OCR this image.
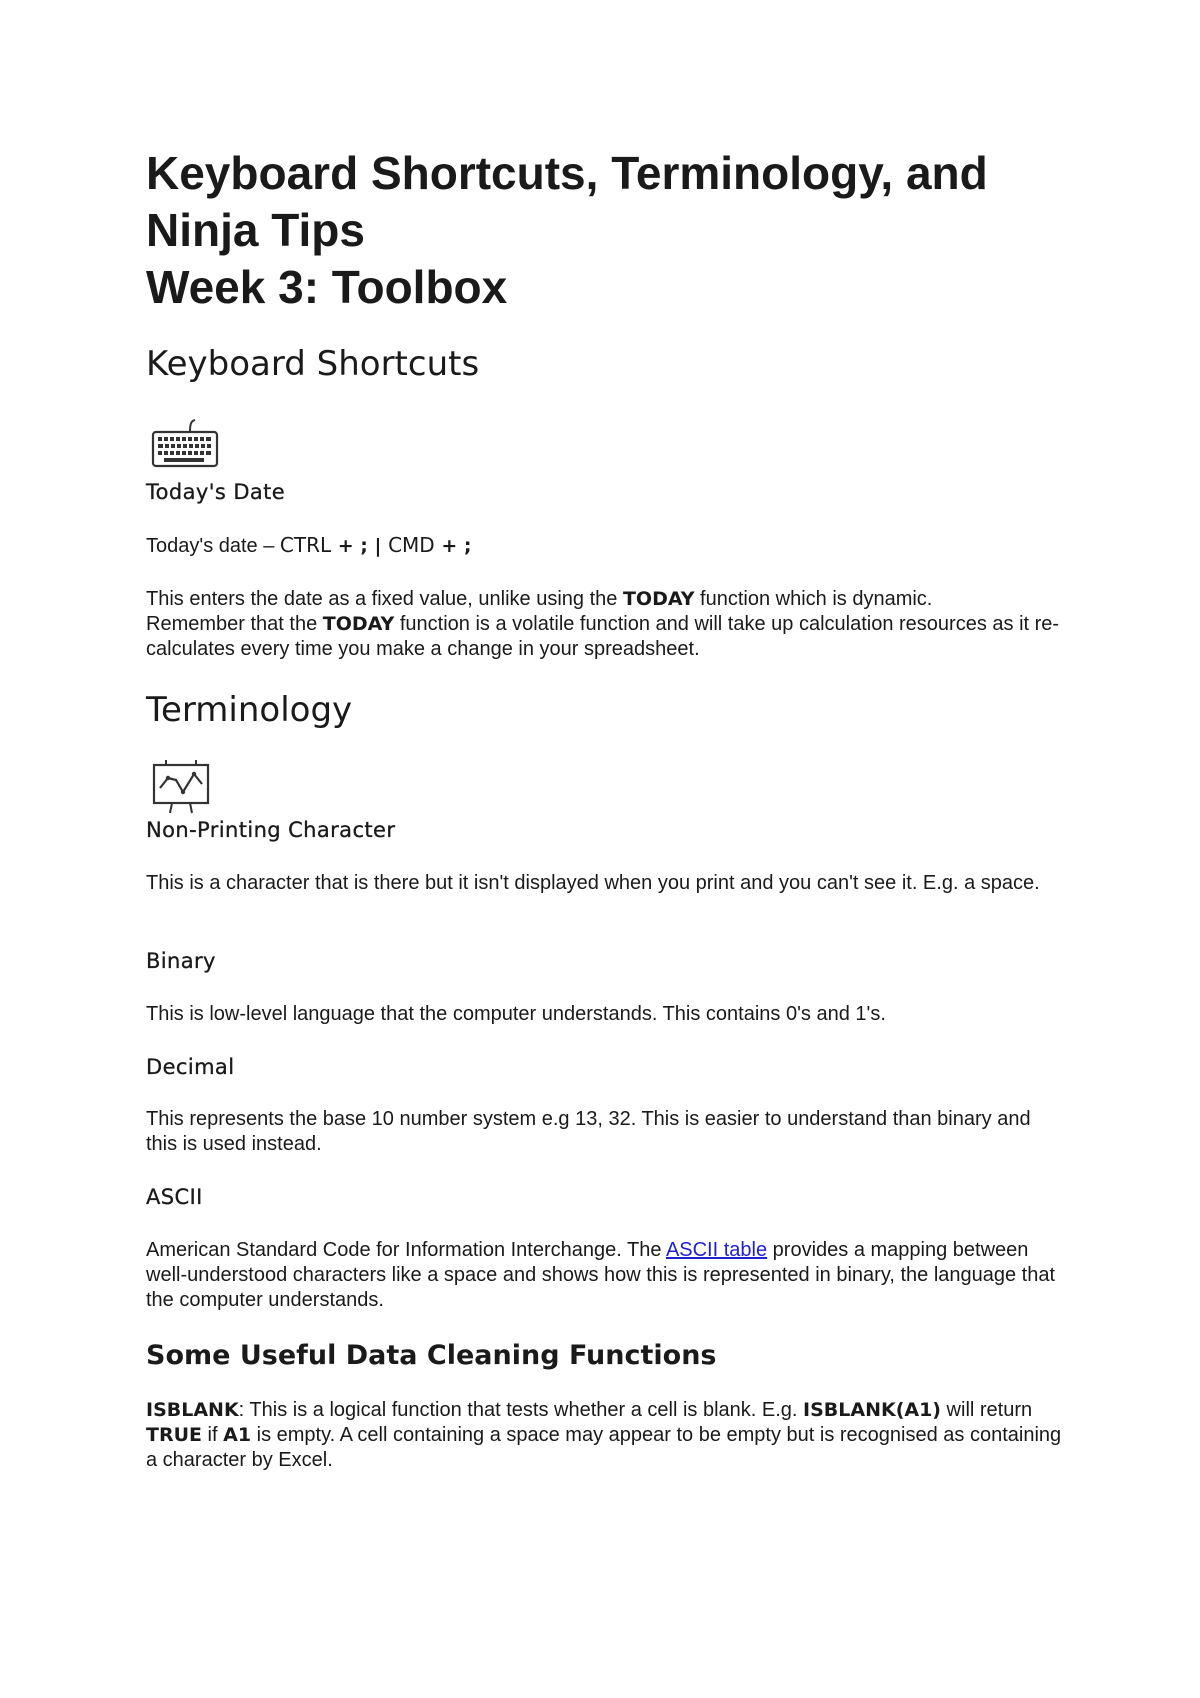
Keyboard Shortcuts, Terminology, and
Ninja Tips
Week 3: Toolbox
Keyboard Shortcuts
Today's Date

Today's date – CTRL + ; | CMD + ;

This enters the date as a fixed value, unlike using the TODAY function which is dynamic.
Remember that the TODAY function is a volatile function and will take up calculation resources as it re-calculates every time you make a change in your spreadsheet.

Terminology
Non-Printing Character

This is a character that is there but it isn't displayed when you print and you can't see it. E.g. a space.

Binary

This is low-level language that the computer understands. This contains 0's and 1's.

Decimal

This represents the base 10 number system e.g 13, 32. This is easier to understand than binary and this is used instead.

ASCII

American Standard Code for Information Interchange. The ASCII table provides a mapping between well-understood characters like a space and shows how this is represented in binary, the language that the computer understands.

Some Useful Data Cleaning Functions

ISBLANK: This is a logical function that tests whether a cell is blank. E.g. ISBLANK(A1) will return TRUE if A1 is empty. A cell containing a space may appear to be empty but is recognised as containing a character by Excel.
